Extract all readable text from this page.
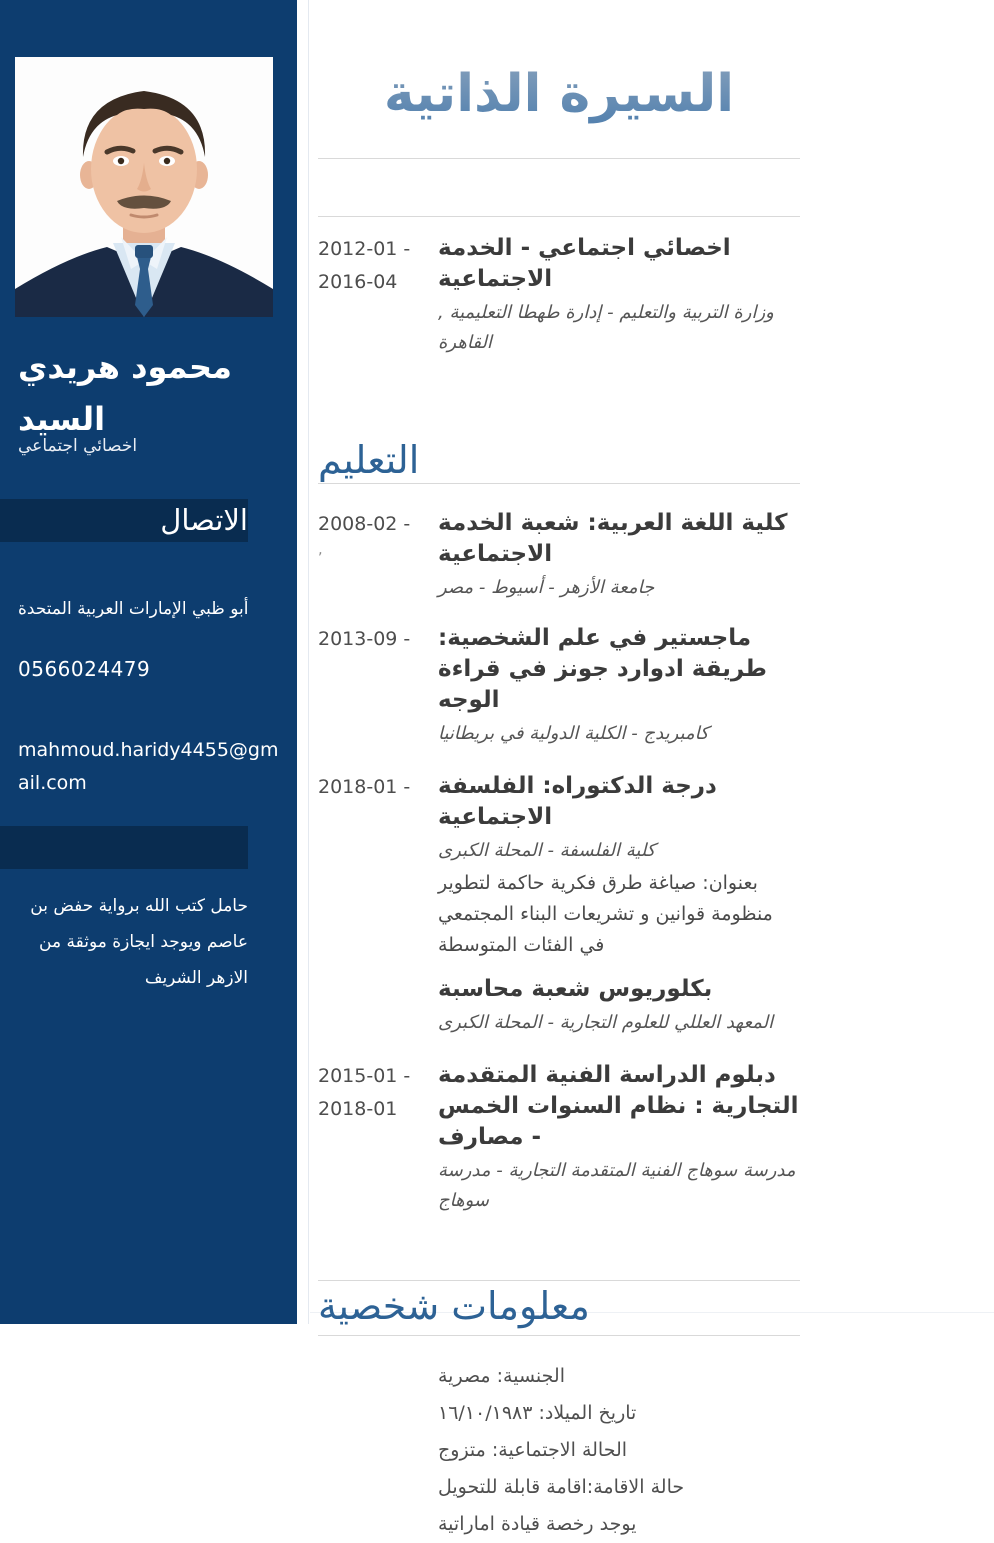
محمود هريدي السيد
اخصائي اجتماعي
الاتصال
أبو ظبي الإمارات العربية المتحدة
0566024479
mahmoud.haridy4455@gmail.com
حامل كتب الله برواية حفض بن عاصم ويوجد ايجازة موثقة من الازهر الشريف
السيرة الذاتية
2012-01 -
2016-04
اخصائي اجتماعي - الخدمة الاجتماعية
وزارة التربية والتعليم - إدارة طهطا التعليمية , القاهرة
التعليم
2008-02 -
‚
كلية اللغة العربية: شعبة الخدمة الاجتماعية
جامعة الأزهر - أسيوط - مصر
2013-09 -	ماجستير في علم الشخصية: طريقة ادوارد جونز في قراءة الوجه
كامبريدج - الكلية الدولية في بريطانيا
2018-01 -	درجة الدكتوراه: الفلسفة الاجتماعية
كلية الفلسفة - المحلة الكبرى
بعنوان: صياغة طرق فكرية حاكمة لتطوير منظومة قوانين و تشريعات البناء المجتمعي في الفئات المتوسطة
بكلوريوس شعبة محاسبة
المعهد العللي للعلوم التجارية - المحلة الكبرى
2015-01 -
2018-01
دبلوم الدراسة الفنية المتقدمة التجارية : نظام السنوات الخمس - مصارف
مدرسة سوهاج الفنية المتقدمة التجارية - مدرسة سوهاج
معلومات شخصية
الجنسية: مصرية
تاريخ الميلاد: ١٦/١٠/١٩٨٣
الحالة الاجتماعية: متزوج
حالة الاقامة:اقامة قابلة للتحويل
يوجد رخصة قيادة اماراتية
